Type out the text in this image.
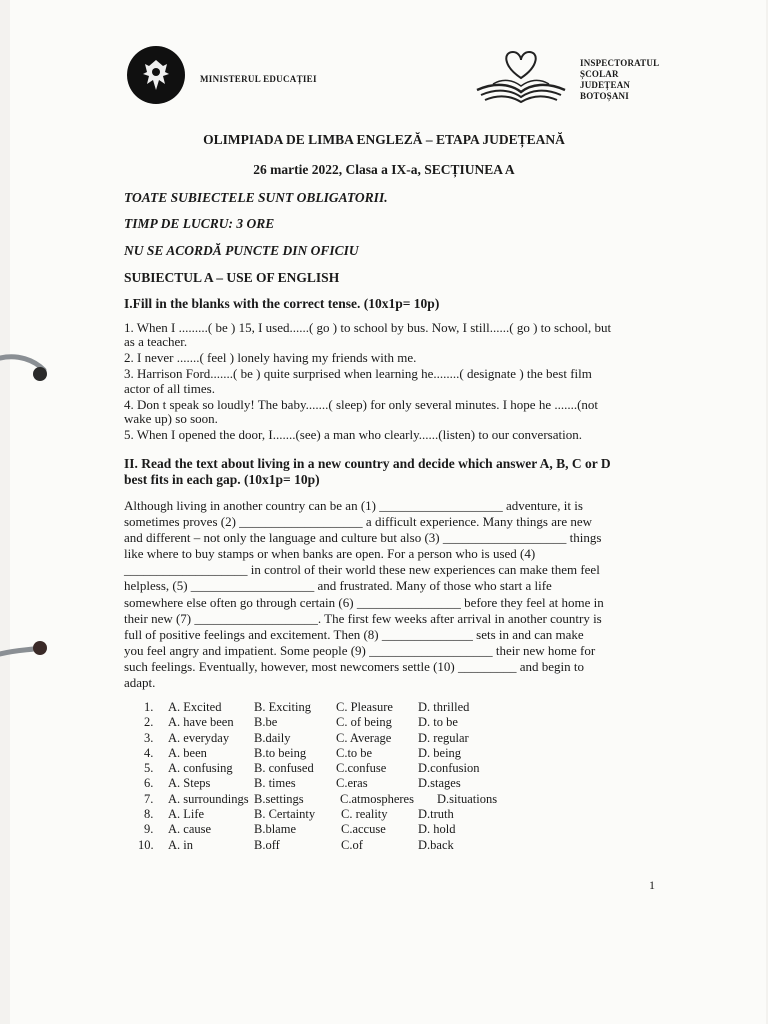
MINISTERUL EDUCAȚIEI
INSPECTORATUL
ȘCOLAR
JUDEȚEAN
BOTOȘANI
OLIMPIADA DE LIMBA ENGLEZĂ – ETAPA JUDEȚEANĂ
26 martie 2022, Clasa a IX-a, SECȚIUNEA A
TOATE SUBIECTELE SUNT OBLIGATORII.
TIMP DE LUCRU: 3 ORE
NU SE ACORDĂ PUNCTE DIN OFICIU
SUBIECTUL A – USE OF ENGLISH
I.Fill in the blanks with the correct tense. (10x1p= 10p)
1. When I .........( be ) 15, I used......( go ) to school by bus. Now, I still......( go ) to school, but
as a teacher.
2. I never .......( feel ) lonely having my friends with me.
3. Harrison Ford.......( be ) quite surprised when learning he........( designate ) the best film
actor of all times.
4. Don t speak so loudly! The baby.......( sleep) for only several minutes. I hope he .......(not
wake up) so soon.
5. When I opened the door, I.......(see) a man who clearly......(listen) to our conversation.
II. Read the text about living in a new country and decide which answer A, B, C or D
best fits in each gap. (10x1p= 10p)
Although living in another country can be an (1) ___________________ adventure, it is
sometimes proves (2) ___________________ a difficult experience. Many things are new
and different – not only the language and culture but also (3) ___________________ things
like where to buy stamps or when banks are open. For a person who is used (4)
___________________ in control of their world these new experiences can make them feel
helpless, (5) ___________________ and frustrated. Many of those who start a life
somewhere else often go through certain (6) ________________ before they feel at home in
their new (7) ___________________. The first few weeks after arrival in another country is
full of positive feelings and excitement. Then (8) ______________ sets in and can make
you feel angry and impatient. Some people (9) ___________________ their new home for
such feelings. Eventually, however, most newcomers settle (10) _________ and begin to
adapt.
1. A. Excited	B. Exciting C. Pleasure D. thrilled
2. A. have been B.be	C. of being D. to be
3. A. everyday B.daily	C. Average D. regular
4. A. been	B.to being C.to be	D. being
5. A. confusing B. confused C.confuse	D.confusion
6. A. Steps	B. times	C.eras	D.stages
7. A. surroundings B.settings	C.atmospheres D.situations
8. A. Life	B. Certainty C. reality D.truth
9. A. cause	B.blame	C.accuse	D. hold
10. A. in	B.off	C.of	D.back
1
